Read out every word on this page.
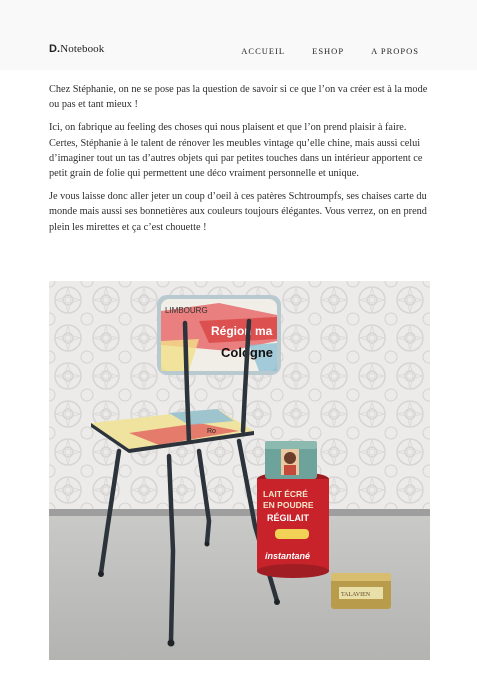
D.Notebook	ACCUEIL	ESHOP	A PROPOS

Chez Stéphanie, on ne se pose pas la question de savoir si ce que l’on va créer est à la mode ou pas et tant mieux !

Ici, on fabrique au feeling des choses qui nous plaisent et que l’on prend plaisir à faire. Certes, Stéphanie à le talent de rénover les meubles vintage qu’elle chine, mais aussi celui d’imaginer tout un tas d’autres objets qui par petites touches dans un intérieur apportent ce petit grain de folie qui permettent une déco vraiment personnelle et unique.

Je vous laisse donc aller jeter un coup d’oeil à ces patères Schtroumpfs, ses chaises carte du monde mais aussi ses bonnetières aux couleurs toujours élégantes. Vous verrez, on en prend plein les mirettes et ça c’est chouette !

LIMBOURG
Région ma
Cologne
Ro
LAIT ÉCRÉ
EN POUDRE
RÉGILAIT
instantané
TALAVIEN
